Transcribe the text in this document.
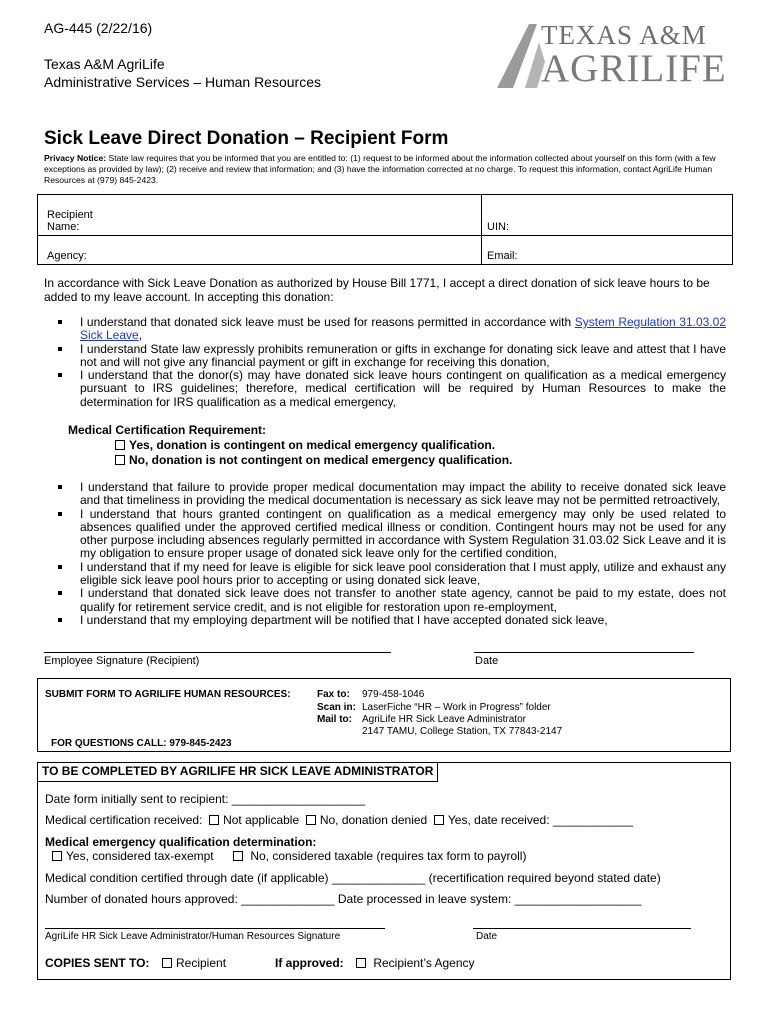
AG-445 (2/22/16)
Texas A&M AgriLife
Administrative Services – Human Resources
TEXAS A&M
AGRILIFE
Sick Leave Direct Donation – Recipient Form
Privacy Notice: State law requires that you be informed that you are entitled to: (1) request to be informed about the information collected about yourself on this form (with a few exceptions as provided by law); (2) receive and review that information; and (3) have the information corrected at no charge. To request this information, contact AgriLife Human Resources at (979) 845-2423.
Recipient
Name:	UIN:
Agency:	Email:
In accordance with Sick Leave Donation as authorized by House Bill 1771, I accept a direct donation of sick leave hours to be added to my leave account. In accepting this donation:
I understand that donated sick leave must be used for reasons permitted in accordance with System Regulation 31.03.02 Sick Leave,
I understand State law expressly prohibits remuneration or gifts in exchange for donating sick leave and attest that I have not and will not give any financial payment or gift in exchange for receiving this donation,
I understand that the donor(s) may have donated sick leave hours contingent on qualification as a medical emergency pursuant to IRS guidelines; therefore, medical certification will be required by Human Resources to make the determination for IRS qualification as a medical emergency,
Medical Certification Requirement:
Yes, donation is contingent on medical emergency qualification.
No, donation is not contingent on medical emergency qualification.
I understand that failure to provide proper medical documentation may impact the ability to receive donated sick leave and that timeliness in providing the medical documentation is necessary as sick leave may not be permitted retroactively,
I understand that hours granted contingent on qualification as a medical emergency may only be used related to absences qualified under the approved certified medical illness or condition. Contingent hours may not be used for any other purpose including absences regularly permitted in accordance with System Regulation 31.03.02 Sick Leave and it is my obligation to ensure proper usage of donated sick leave only for the certified condition,
I understand that if my need for leave is eligible for sick leave pool consideration that I must apply, utilize and exhaust any eligible sick leave pool hours prior to accepting or using donated sick leave,
I understand that donated sick leave does not transfer to another state agency, cannot be paid to my estate, does not qualify for retirement service credit, and is not eligible for restoration upon re-employment,
I understand that my employing department will be notified that I have accepted donated sick leave,
Employee Signature (Recipient)	Date
SUBMIT FORM TO AGRILIFE HUMAN RESOURCES:	Fax to: 979-458-1046
Scan in: LaserFiche “HR – Work in Progress” folder
Mail to: AgriLife HR Sick Leave Administrator
2147 TAMU, College Station, TX 77843-2147
FOR QUESTIONS CALL: 979-845-2423
TO BE COMPLETED BY AGRILIFE HR SICK LEAVE ADMINISTRATOR
Date form initially sent to recipient: ____________________
Medical certification received: Not applicable No, donation denied Yes, date received: ____________
Medical emergency qualification determination:
Yes, considered tax-exempt	No, considered taxable (requires tax form to payroll)
Medical condition certified through date (if applicable) ______________ (recertification required beyond stated date)
Number of donated hours approved: ______________ Date processed in leave system: ___________________
AgriLife HR Sick Leave Administrator/Human Resources Signature	Date
COPIES SENT TO:	Recipient	If approved:	Recipient’s Agency
